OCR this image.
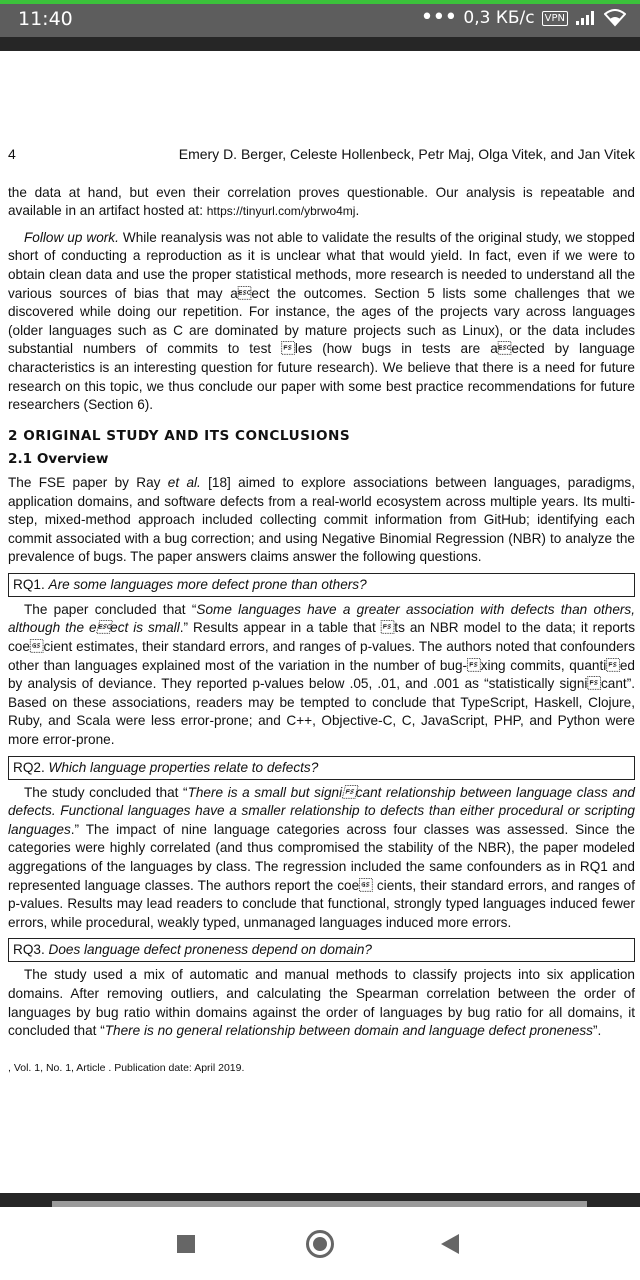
11:40	••• 0,3 КБ/с	VPN
4	Emery D. Berger, Celeste Hollenbeck, Petr Maj, Olga Vitek, and Jan Vitek

the data at hand, but even their correlation proves questionable. Our analysis is repeatable and available in an artifact hosted at: https://tinyurl.com/ybrwo4mj.

Follow up work. While reanalysis was not able to validate the results of the original study, we stopped short of conducting a reproduction as it is unclear what that would yield. In fact, even if we were to obtain clean data and use the proper statistical methods, more research is needed to understand all the various sources of bias that may aect the outcomes. Section 5 lists some challenges that we discovered while doing our repetition. For instance, the ages of the projects vary across languages (older languages such as C are dominated by mature projects such as Linux), or the data includes substantial numbers of commits to test les (how bugs in tests are aected by language characteristics is an interesting question for future research). We believe that there is a need for future research on this topic, we thus conclude our paper with some best practice recommendations for future researchers (Section 6).

2 ORIGINAL STUDY AND ITS CONCLUSIONS
2.1 Overview

The FSE paper by Ray et al. [18] aimed to explore associations between languages, paradigms, application domains, and software defects from a real-world ecosystem across multiple years. Its multi-step, mixed-method approach included collecting commit information from GitHub; identifying each commit associated with a bug correction; and using Negative Binomial Regression (NBR) to analyze the prevalence of bugs. The paper answers claims answer the following questions.

RQ1. Are some languages more defect prone than others?

The paper concluded that “Some languages have a greater association with defects than others, although the eect is small.” Results appear in a table that ts an NBR model to the data; it reports coecient estimates, their standard errors, and ranges of p-values. The authors noted that confounders other than languages explained most of the variation in the number of bug-xing commits, quantied by analysis of deviance. They reported p-values below .05, .01, and .001 as “statistically signicant”. Based on these associations, readers may be tempted to conclude that TypeScript, Haskell, Clojure, Ruby, and Scala were less error-prone; and C++, Objective-C, C, JavaScript, PHP, and Python were more error-prone.

RQ2. Which language properties relate to defects?

The study concluded that “There is a small but signicant relationship between language class and defects. Functional languages have a smaller relationship to defects than either procedural or scripting languages.” The impact of nine language categories across four classes was assessed. Since the categories were highly correlated (and thus compromised the stability of the NBR), the paper modeled aggregations of the languages by class. The regression included the same confounders as in RQ1 and represented language classes. The authors report the coe cients, their standard errors, and ranges of p-values. Results may lead readers to conclude that functional, strongly typed languages induced fewer errors, while procedural, weakly typed, unmanaged languages induced more errors.

RQ3. Does language defect proneness depend on domain?

The study used a mix of automatic and manual methods to classify projects into six application domains. After removing outliers, and calculating the Spearman correlation between the order of languages by bug ratio within domains against the order of languages by bug ratio for all domains, it concluded that “There is no general relationship between domain and language defect proneness”.

, Vol. 1, No. 1, Article . Publication date: April 2019.
